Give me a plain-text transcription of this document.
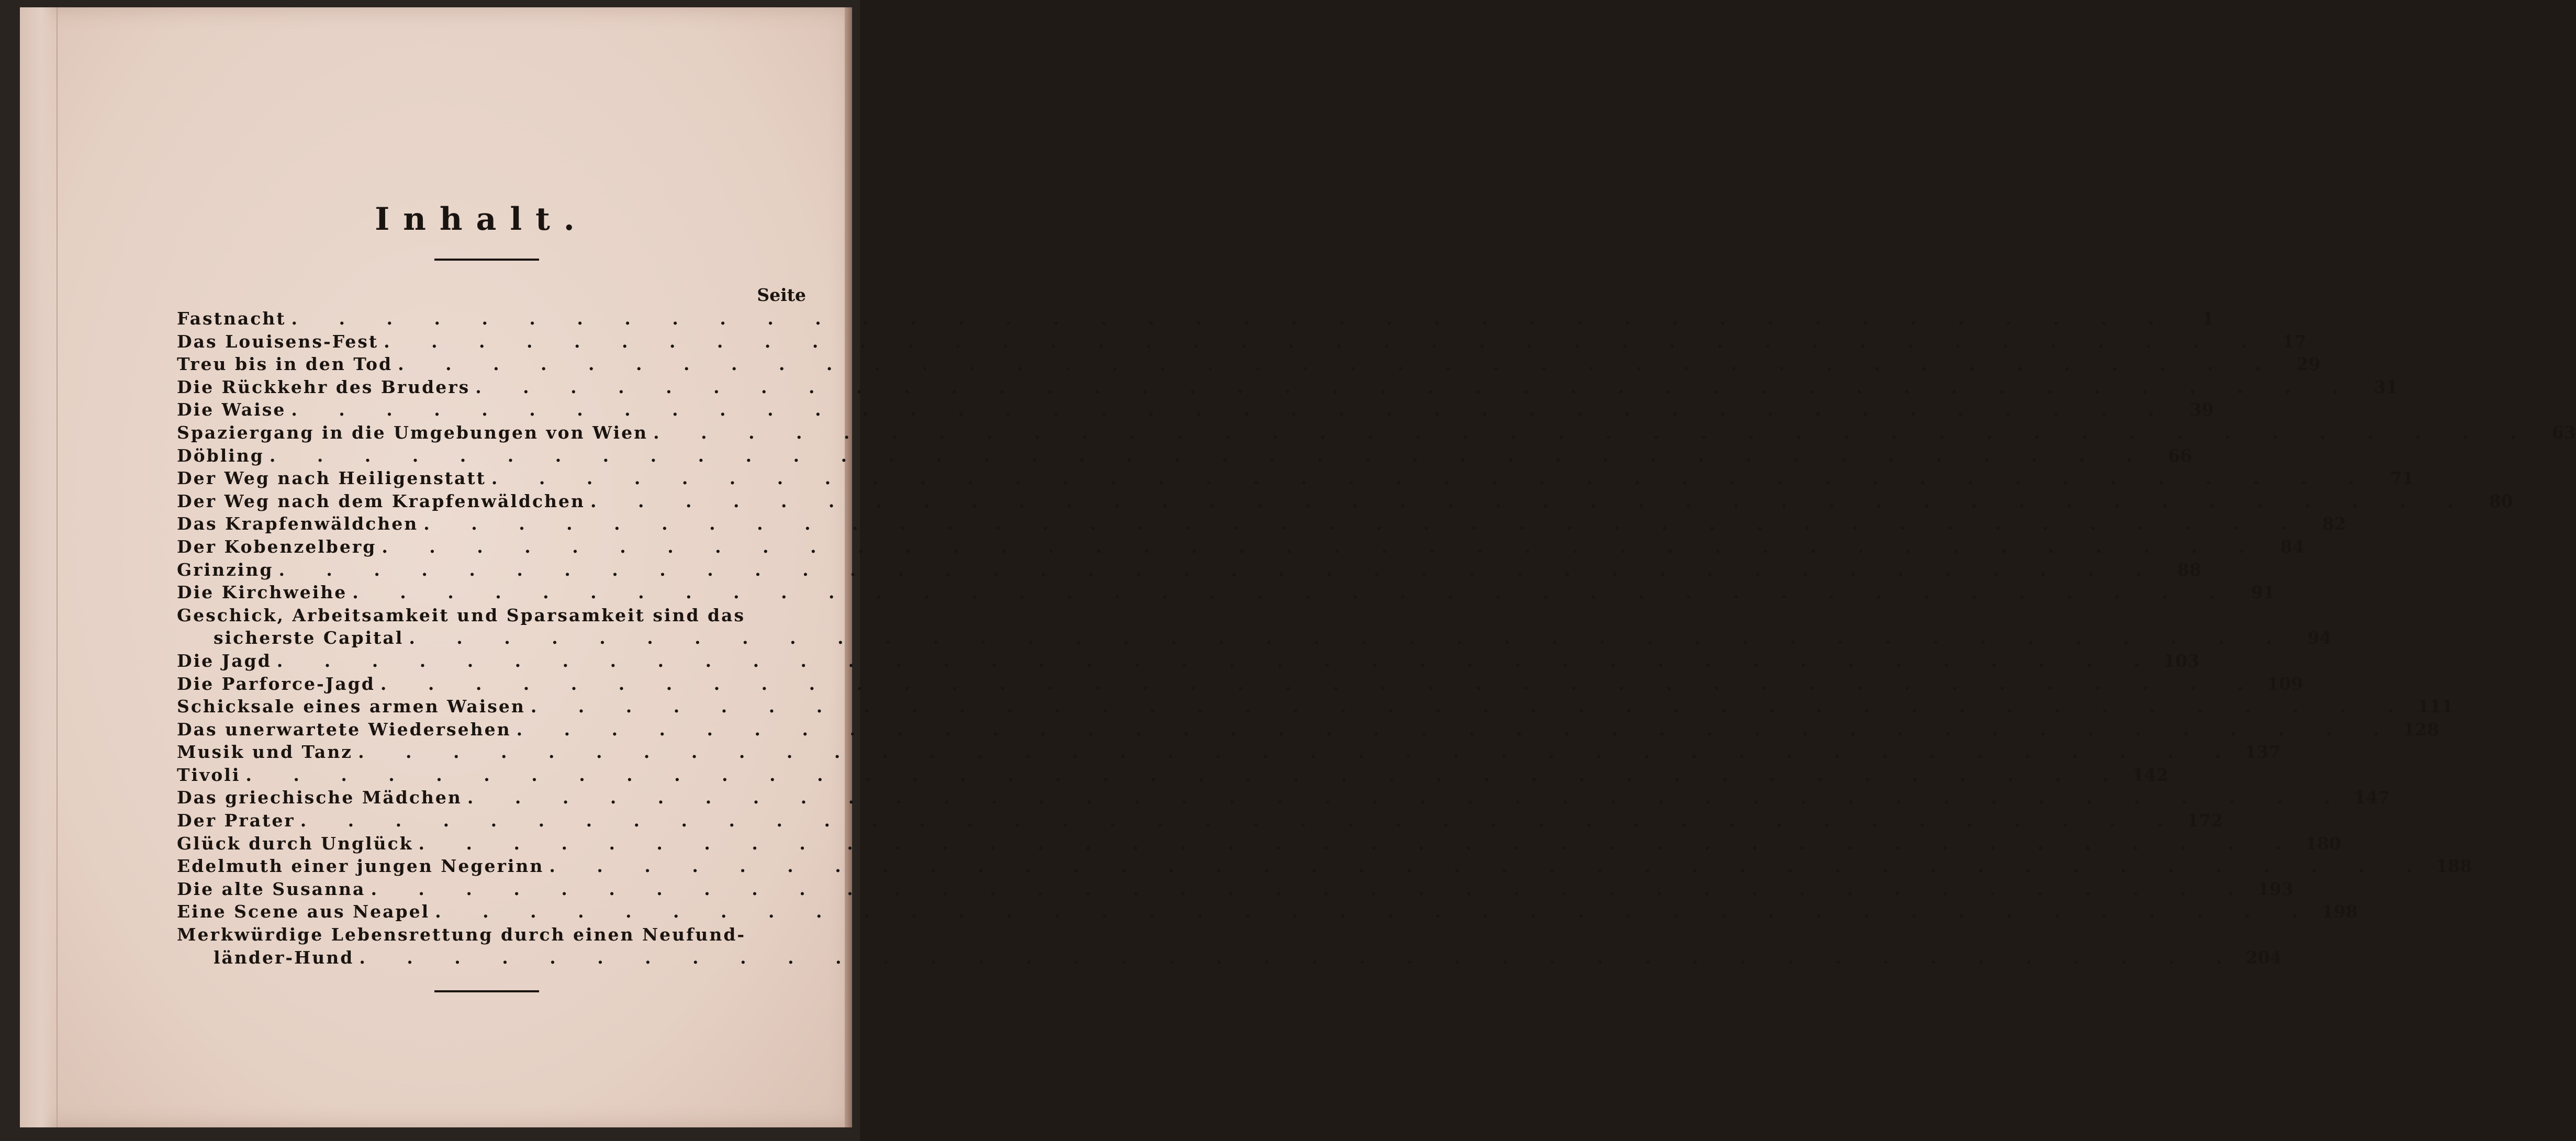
Inhalt.
Seite
Fastnacht . . . . . . . . . . . . . . . . . . . . . . . . . . . . . . . . . . . . . . . .	1
Das Louisens-Fest . . . . . . . . . . . . . . . . . . . . . . . . . . . . . . . . . . . . . . . .	17
Treu bis in den Tod . . . . . . . . . . . . . . . . . . . . . . . . . . . . . . . . . . . . . . . .	29
Die Rückkehr des Bruders . . . . . . . . . . . . . . . . . . . . . . . . . . . . . . . . . . . . . . . .	31
Die Waise . . . . . . . . . . . . . . . . . . . . . . . . . . . . . . . . . . . . . . . .	39
Spaziergang in die Umgebungen von Wien . . . . . . . . . . . . . . . . . . . . . . . . . . . . . . . . . . . . . . . .	63
Döbling . . . . . . . . . . . . . . . . . . . . . . . . . . . . . . . . . . . . . . . .	66
Der Weg nach Heiligenstatt . . . . . . . . . . . . . . . . . . . . . . . . . . . . . . . . . . . . . . . .	71
Der Weg nach dem Krapfenwäldchen . . . . . . . . . . . . . . . . . . . . . . . . . . . . . . . . . . . . . . . .	80
Das Krapfenwäldchen . . . . . . . . . . . . . . . . . . . . . . . . . . . . . . . . . . . . . . . .	82
Der Kobenzelberg . . . . . . . . . . . . . . . . . . . . . . . . . . . . . . . . . . . . . . . .	84
Grinzing . . . . . . . . . . . . . . . . . . . . . . . . . . . . . . . . . . . . . . . .	88
Die Kirchweihe . . . . . . . . . . . . . . . . . . . . . . . . . . . . . . . . . . . . . . . .	91
Geschick, Arbeitsamkeit und Sparsamkeit sind das
sicherste Capital . . . . . . . . . . . . . . . . . . . . . . . . . . . . . . . . . . . . . . . .	94
Die Jagd . . . . . . . . . . . . . . . . . . . . . . . . . . . . . . . . . . . . . . . . 103
Die Parforce-Jagd . . . . . . . . . . . . . . . . . . . . . . . . . . . . . . . . . . . . . . . . 109
Schicksale eines armen Waisen . . . . . . . . . . . . . . . . . . . . . . . . . . . . . . . . . . . . . . . . 111
Das unerwartete Wiedersehen . . . . . . . . . . . . . . . . . . . . . . . . . . . . . . . . . . . . . . . . 128
Musik und Tanz . . . . . . . . . . . . . . . . . . . . . . . . . . . . . . . . . . . . . . . . 137
Tivoli . . . . . . . . . . . . . . . . . . . . . . . . . . . . . . . . . . . . . . . . 142
Das griechische Mädchen . . . . . . . . . . . . . . . . . . . . . . . . . . . . . . . . . . . . . . . . 147
Der Prater . . . . . . . . . . . . . . . . . . . . . . . . . . . . . . . . . . . . . . . . 172
Glück durch Unglück . . . . . . . . . . . . . . . . . . . . . . . . . . . . . . . . . . . . . . . . 180
Edelmuth einer jungen Negerinn . . . . . . . . . . . . . . . . . . . . . . . . . . . . . . . . . . . . . . . . 188
Die alte Susanna . . . . . . . . . . . . . . . . . . . . . . . . . . . . . . . . . . . . . . . . 193
Eine Scene aus Neapel . . . . . . . . . . . . . . . . . . . . . . . . . . . . . . . . . . . . . . . . 198
Merkwürdige Lebensrettung durch einen Neufund-
länder-Hund . . . . . . . . . . . . . . . . . . . . . . . . . . . . . . . . . . . . . . . . 204
